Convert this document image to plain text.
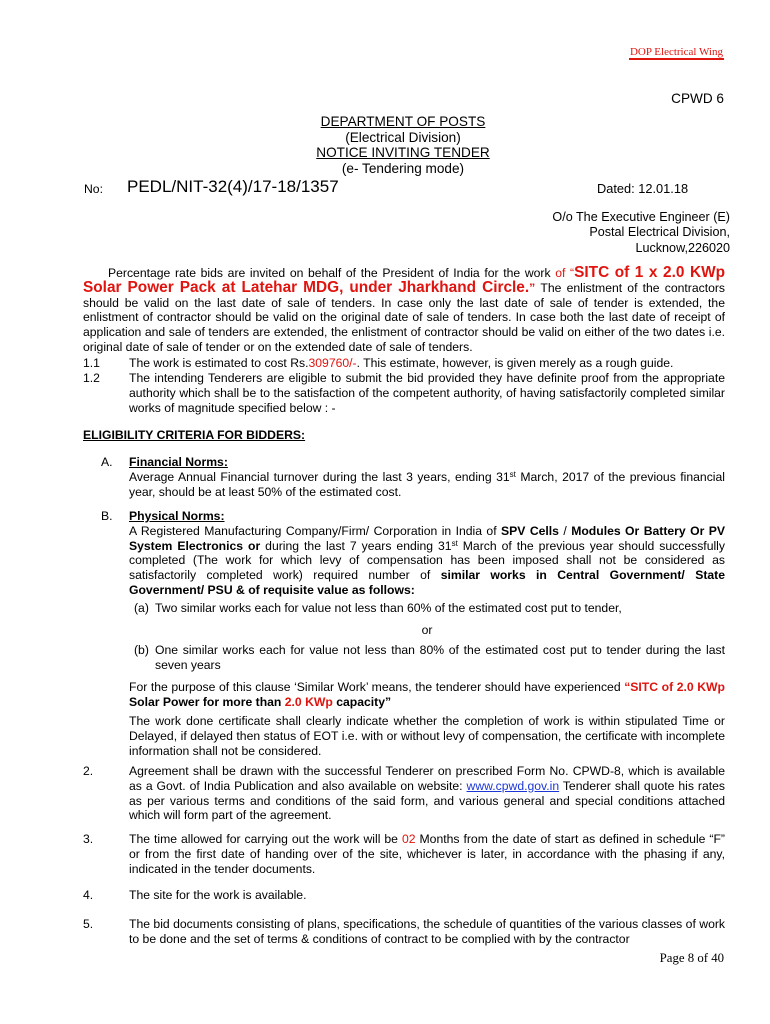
DOP Electrical Wing
CPWD 6
DEPARTMENT OF POSTS
(Electrical Division)
NOTICE INVITING TENDER
(e- Tendering mode)
No: PEDL/NIT-32(4)/17-18/1357	Dated: 12.01.18
O/o The Executive Engineer (E)
Postal Electrical Division,
Lucknow,226020
Percentage rate bids are invited on behalf of the President of India for the work of “SITC of 1 x 2.0 KWp Solar Power Pack at Latehar MDG, under Jharkhand Circle.” The enlistment of the contractors should be valid on the last date of sale of tenders. In case only the last date of sale of tender is extended, the enlistment of contractor should be valid on the original date of sale of tenders. In case both the last date of receipt of application and sale of tenders are extended, the enlistment of contractor should be valid on either of the two dates i.e. original date of sale of tender or on the extended date of sale of tenders.
1.1 The work is estimated to cost Rs.309760/-. This estimate, however, is given merely as a rough guide.
1.2 The intending Tenderers are eligible to submit the bid provided they have definite proof from the appropriate authority which shall be to the satisfaction of the competent authority, of having satisfactorily completed similar works of magnitude specified below : -
ELIGIBILITY CRITERIA FOR BIDDERS:
A. Financial Norms:
Average Annual Financial turnover during the last 3 years, ending 31st March, 2017 of the previous financial year, should be at least 50% of the estimated cost.
B. Physical Norms:
A Registered Manufacturing Company/Firm/ Corporation in India of SPV Cells / Modules Or Battery Or PV System Electronics or during the last 7 years ending 31st March of the previous year should successfully completed (The work for which levy of compensation has been imposed shall not be considered as satisfactorily completed work) required number of similar works in Central Government/ State Government/ PSU & of requisite value as follows:
(a) Two similar works each for value not less than 60% of the estimated cost put to tender,
or
(b) One similar works each for value not less than 80% of the estimated cost put to tender during the last seven years
For the purpose of this clause ‘Similar Work’ means, the tenderer should have experienced “SITC of 2.0 KWp Solar Power for more than 2.0 KWp capacity”
The work done certificate shall clearly indicate whether the completion of work is within stipulated Time or Delayed, if delayed then status of EOT i.e. with or without levy of compensation, the certificate with incomplete information shall not be considered.
2.	Agreement shall be drawn with the successful Tenderer on prescribed Form No. CPWD-8, which is available as a Govt. of India Publication and also available on website: www.cpwd.gov.in Tenderer shall quote his rates as per various terms and conditions of the said form, and various general and special conditions attached which will form part of the agreement.
3.	The time allowed for carrying out the work will be 02 Months from the date of start as defined in schedule “F” or from the first date of handing over of the site, whichever is later, in accordance with the phasing if any, indicated in the tender documents.
4.	The site for the work is available.
5.	The bid documents consisting of plans, specifications, the schedule of quantities of the various classes of work to be done and the set of terms & conditions of contract to be complied with by the contractor
Page 8 of 40
